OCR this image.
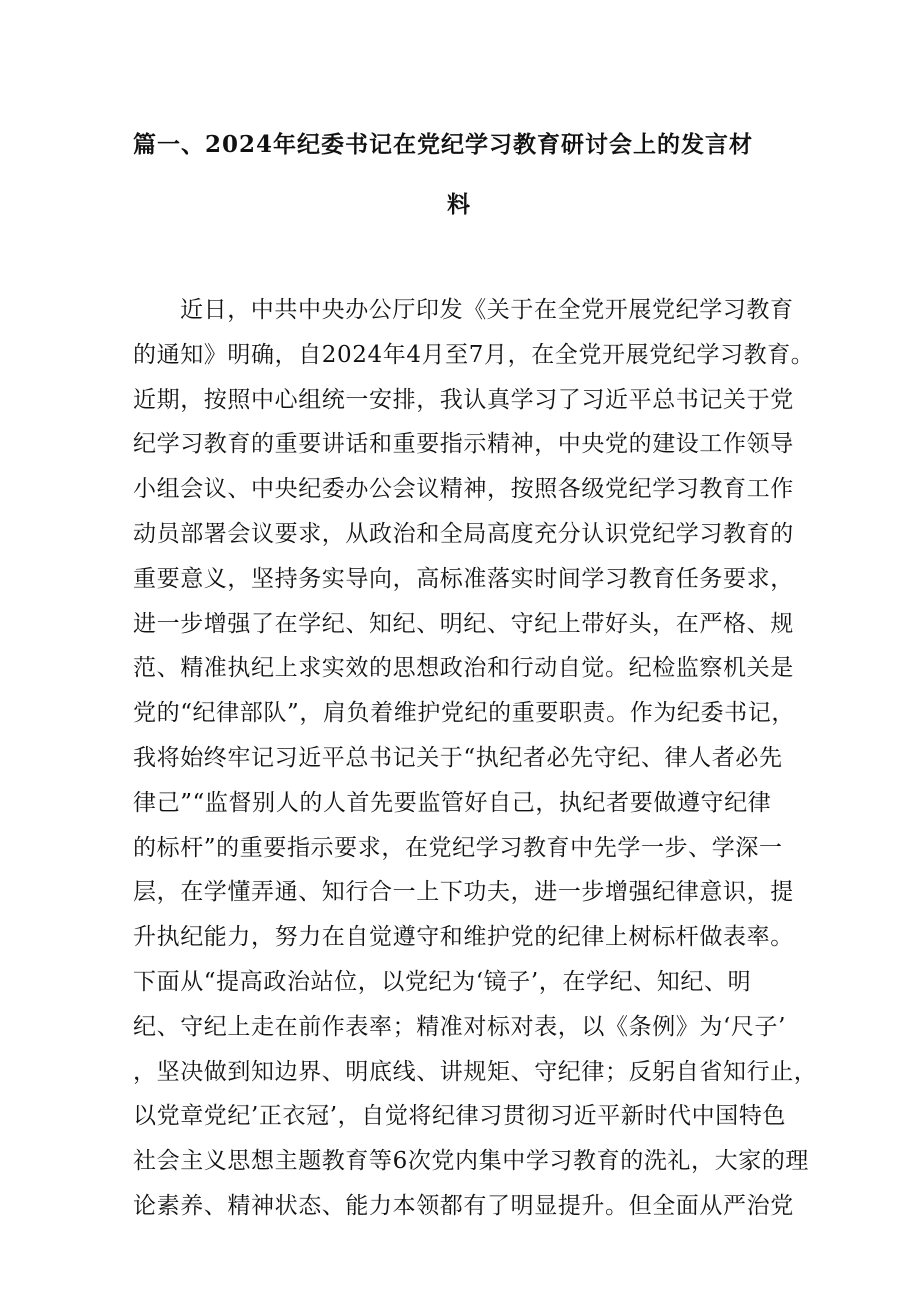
篇一、2024年纪委书记在党纪学习教育研讨会上的发言材
料
近日，中共中央办公厅印发《关于在全党开展党纪学习教育
的通知》明确，自2024年4月至7月，在全党开展党纪学习教育。
近期，按照中心组统一安排，我认真学习了习近平总书记关于党
纪学习教育的重要讲话和重要指示精神，中央党的建设工作领导
小组会议、中央纪委办公会议精神，按照各级党纪学习教育工作
动员部署会议要求，从政治和全局高度充分认识党纪学习教育的
重要意义，坚持务实导向，高标准落实时间学习教育任务要求，
进一步增强了在学纪、知纪、明纪、守纪上带好头，在严格、规
范、精准执纪上求实效的思想政治和行动自觉。纪检监察机关是
党的“纪律部队”，肩负着维护党纪的重要职责。作为纪委书记，
我将始终牢记习近平总书记关于“执纪者必先守纪、律人者必先
律己”“监督别人的人首先要监管好自己，执纪者要做遵守纪律
的标杆”的重要指示要求，在党纪学习教育中先学一步、学深一
层，在学懂弄通、知行合一上下功夫，进一步增强纪律意识，提
升执纪能力，努力在自觉遵守和维护党的纪律上树标杆做表率。
下面从“提高政治站位，以党纪为‘镜子’，在学纪、知纪、明
纪、守纪上走在前作表率；精准对标对表，以《条例》为‘尺子’
，坚决做到知边界、明底线、讲规矩、守纪律；反躬自省知行止，
以党章党纪’正衣冠’，自觉将纪律习贯彻习近平新时代中国特色
社会主义思想主题教育等6次党内集中学习教育的洗礼，大家的理
论素养、精神状态、能力本领都有了明显提升。但全面从严治党
